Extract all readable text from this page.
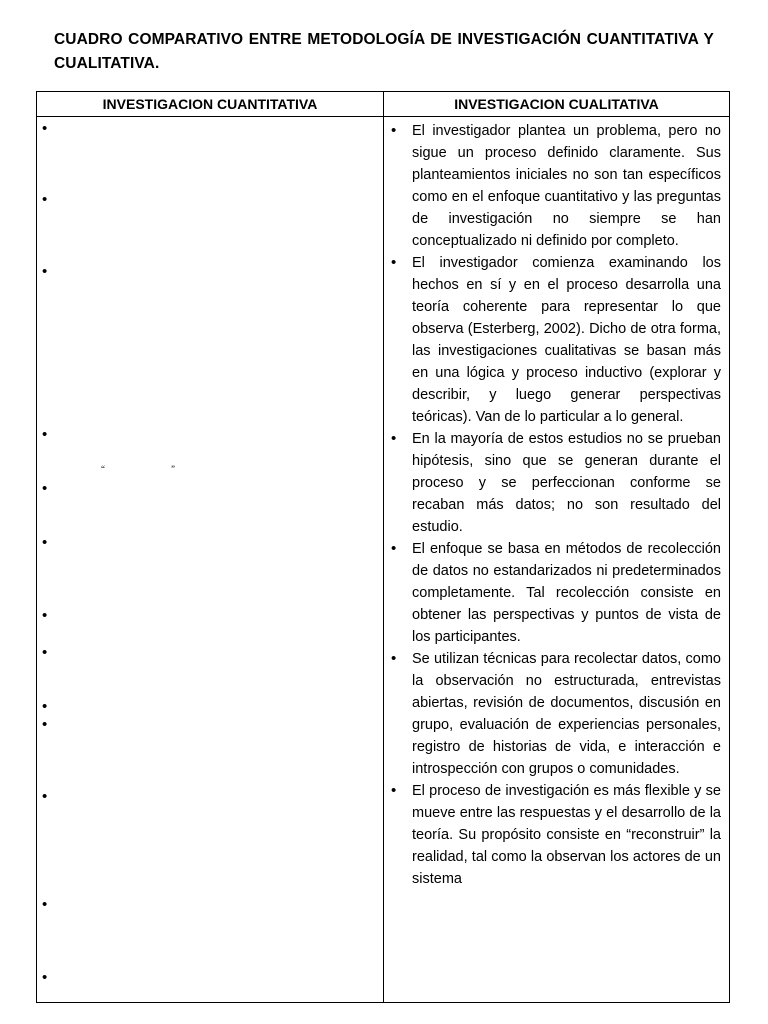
CUADRO COMPARATIVO ENTRE METODOLOGÍA DE INVESTIGACIÓN CUANTITATIVA Y
CUALITATIVA.
INVESTIGACION CUANTITATIVA	INVESTIGACION CUALITATIVA
•
•
•
•
“	”
•
•
•
•
•
•
•
•
•
• El investigador plantea un problema, pero no sigue un proceso definido claramente. Sus planteamientos iniciales no son tan específicos como en el enfoque cuantitativo y las preguntas de investigación no siempre se han conceptualizado ni definido por completo.
• El investigador comienza examinando los hechos en sí y en el proceso desarrolla una teoría coherente para representar lo que observa (Esterberg, 2002). Dicho de otra forma, las investigaciones cualitativas se basan más en una lógica y proceso inductivo (explorar y describir, y luego generar perspectivas teóricas). Van de lo particular a lo general.
• En la mayoría de estos estudios no se prueban hipótesis, sino que se generan durante el proceso y se perfeccionan conforme se recaban más datos; no son resultado del estudio.
• El enfoque se basa en métodos de recolección de datos no estandarizados ni predeterminados completamente. Tal recolección consiste en obtener las perspectivas y puntos de vista de los participantes.
• Se utilizan técnicas para recolectar datos, como la observación no estructurada, entrevistas abiertas, revisión de documentos, discusión en grupo, evaluación de experiencias personales, registro de historias de vida, e interacción e introspección con grupos o comunidades.
• El proceso de investigación es más flexible y se mueve entre las respuestas y el desarrollo de la teoría. Su propósito consiste en “reconstruir” la realidad, tal como la observan los actores de un sistema
